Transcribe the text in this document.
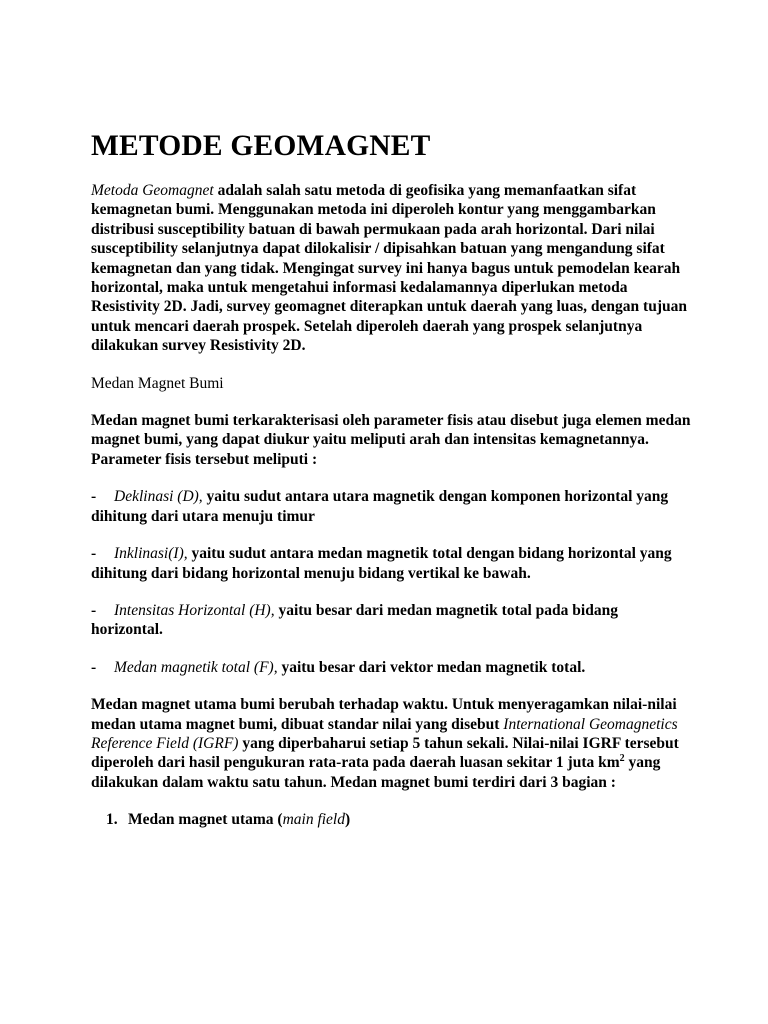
METODE GEOMAGNET

Metoda Geomagnet adalah salah satu metoda di geofisika yang memanfaatkan sifat kemagnetan bumi. Menggunakan metoda ini diperoleh kontur yang menggambarkan distribusi susceptibility batuan di bawah permukaan pada arah horizontal. Dari nilai susceptibility selanjutnya dapat dilokalisir / dipisahkan batuan yang mengandung sifat kemagnetan dan yang tidak. Mengingat survey ini hanya bagus untuk pemodelan kearah horizontal, maka untuk mengetahui informasi kedalamannya diperlukan metoda Resistivity 2D. Jadi, survey geomagnet diterapkan untuk daerah yang luas, dengan tujuan untuk mencari daerah prospek. Setelah diperoleh daerah yang prospek selanjutnya dilakukan survey Resistivity 2D.

Medan Magnet Bumi

Medan magnet bumi terkarakterisasi oleh parameter fisis atau disebut juga elemen medan magnet bumi, yang dapat diukur yaitu meliputi arah dan intensitas kemagnetannya. Parameter fisis tersebut meliputi :

- Deklinasi (D), yaitu sudut antara utara magnetik dengan komponen horizontal yang dihitung dari utara menuju timur

- Inklinasi(I), yaitu sudut antara medan magnetik total dengan bidang horizontal yang dihitung dari bidang horizontal menuju bidang vertikal ke bawah.

- Intensitas Horizontal (H), yaitu besar dari medan magnetik total pada bidang horizontal.

- Medan magnetik total (F), yaitu besar dari vektor medan magnetik total.

Medan magnet utama bumi berubah terhadap waktu. Untuk menyeragamkan nilai-nilai medan utama magnet bumi, dibuat standar nilai yang disebut International Geomagnetics Reference Field (IGRF) yang diperbaharui setiap 5 tahun sekali. Nilai-nilai IGRF tersebut diperoleh dari hasil pengukuran rata-rata pada daerah luasan sekitar 1 juta $km^2$ yang dilakukan dalam waktu satu tahun. Medan magnet bumi terdiri dari 3 bagian :

1. Medan magnet utama (main field)
